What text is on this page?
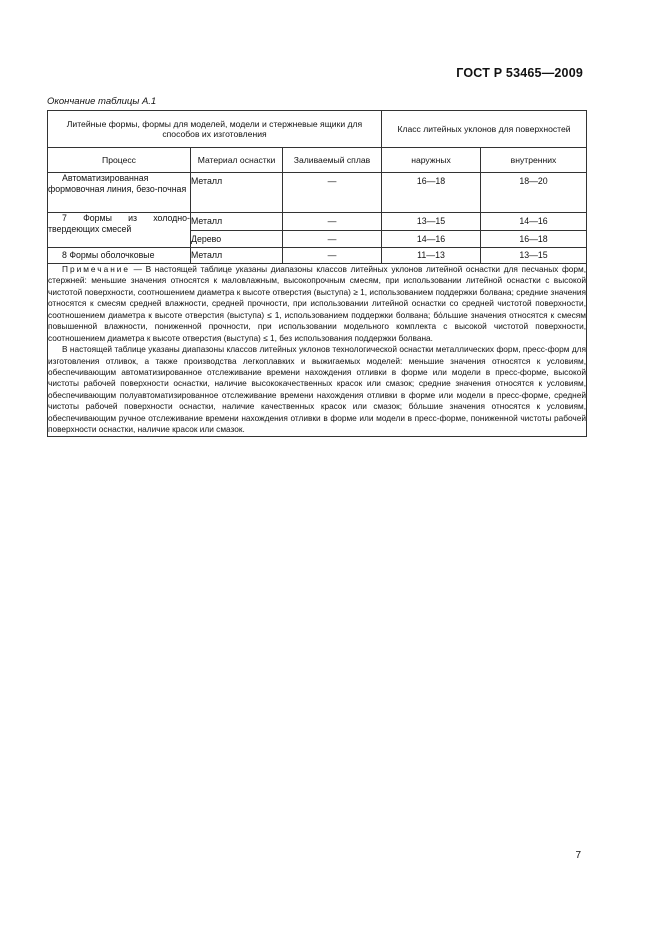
ГОСТ Р 53465—2009
Окончание таблицы А.1
Литейные формы, формы для моделей, модели и стержневые ящики для способов их изготовления			Класс литейных уклонов для поверхностей	
Процесс	Материал оснастки	Заливаемый сплав	наружных	внутренних

Автоматизированная формовочная линия, безо-почная	Металл	—	16—18	18—20

7 Формы из холодно-твердеющих смесей	Металл	—	13—15	14—16
	Дерево	—	14—16	16—18

8 Формы оболочковые	Металл	—	11—13	13—15

Примечание — В настоящей таблице указаны диапазоны классов литейных уклонов литейной оснастки для песчаных форм, стержней: меньшие значения относятся к маловлажным, высокопрочным смесям, при использовании литейной оснастки с высокой чистотой поверхности, соотношением диаметра к высоте отверстия (выступа) ≥ 1, использованием поддержки болвана; средние значения относятся к смесям средней влажности, средней прочности, при использовании литейной оснастки со средней чистотой поверхности, соотношением диаметра к высоте отверстия (выступа) ≤ 1, использованием поддержки болвана; бо́льшие значения относятся к смесям повышенной влажности, пониженной прочности, при использовании модельного комплекта с высокой чистотой поверхности, соотношением диаметра к высоте отверстия (выступа) ≤ 1, без использования поддержки болвана.

В настоящей таблице указаны диапазоны классов литейных уклонов технологической оснастки металлических форм, пресс-форм для изготовления отливок, а также производства легкоплавких и выжигаемых моделей: меньшие значения относятся к условиям, обеспечивающим автоматизированное отслеживание времени нахождения отливки в форме или модели в пресс-форме, высокой чистоты рабочей поверхности оснастки, наличие высококачественных красок или смазок; средние значения относятся к условиям, обеспечивающим полуавтоматизированное отслеживание времени нахождения отливки в форме или модели в пресс-форме, средней чистоты рабочей поверхности оснастки, наличие качественных красок или смазок; бо́льшие значения относятся к условиям, обеспечивающим ручное отслеживание времени нахождения отливки в форме или модели в пресс-форме, пониженной чистоты рабочей поверхности оснастки, наличие красок или смазок.				

7
